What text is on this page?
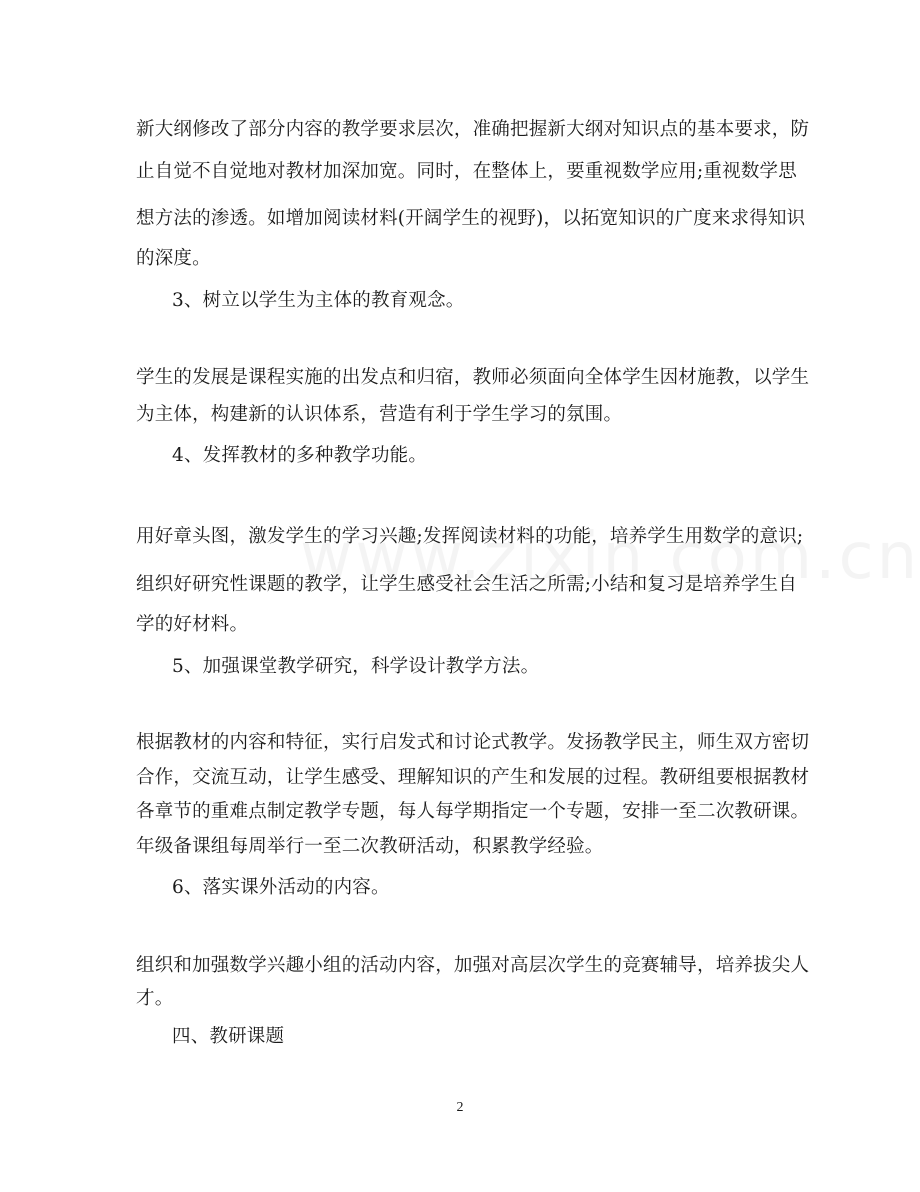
新大纲修改了部分内容的教学要求层次，准确把握新大纲对知识点的基本要求，防
止自觉不自觉地对教材加深加宽。同时，在整体上，要重视数学应用;重视数学思
想方法的渗透。如增加阅读材料(开阔学生的视野)，以拓宽知识的广度来求得知识
的深度。
3、树立以学生为主体的教育观念。
学生的发展是课程实施的出发点和归宿，教师必须面向全体学生因材施教，以学生
为主体，构建新的认识体系，营造有利于学生学习的氛围。
4、发挥教材的多种教学功能。
用好章头图，激发学生的学习兴趣;发挥阅读材料的功能，培养学生用数学的意识;
组织好研究性课题的教学，让学生感受社会生活之所需;小结和复习是培养学生自
学的好材料。
5、加强课堂教学研究，科学设计教学方法。
根据教材的内容和特征，实行启发式和讨论式教学。发扬教学民主，师生双方密切
合作，交流互动，让学生感受、理解知识的产生和发展的过程。教研组要根据教材
各章节的重难点制定教学专题，每人每学期指定一个专题，安排一至二次教研课。
年级备课组每周举行一至二次教研活动，积累教学经验。
6、落实课外活动的内容。
组织和加强数学兴趣小组的活动内容，加强对高层次学生的竞赛辅导，培养拔尖人
才。
四、教研课题
2
